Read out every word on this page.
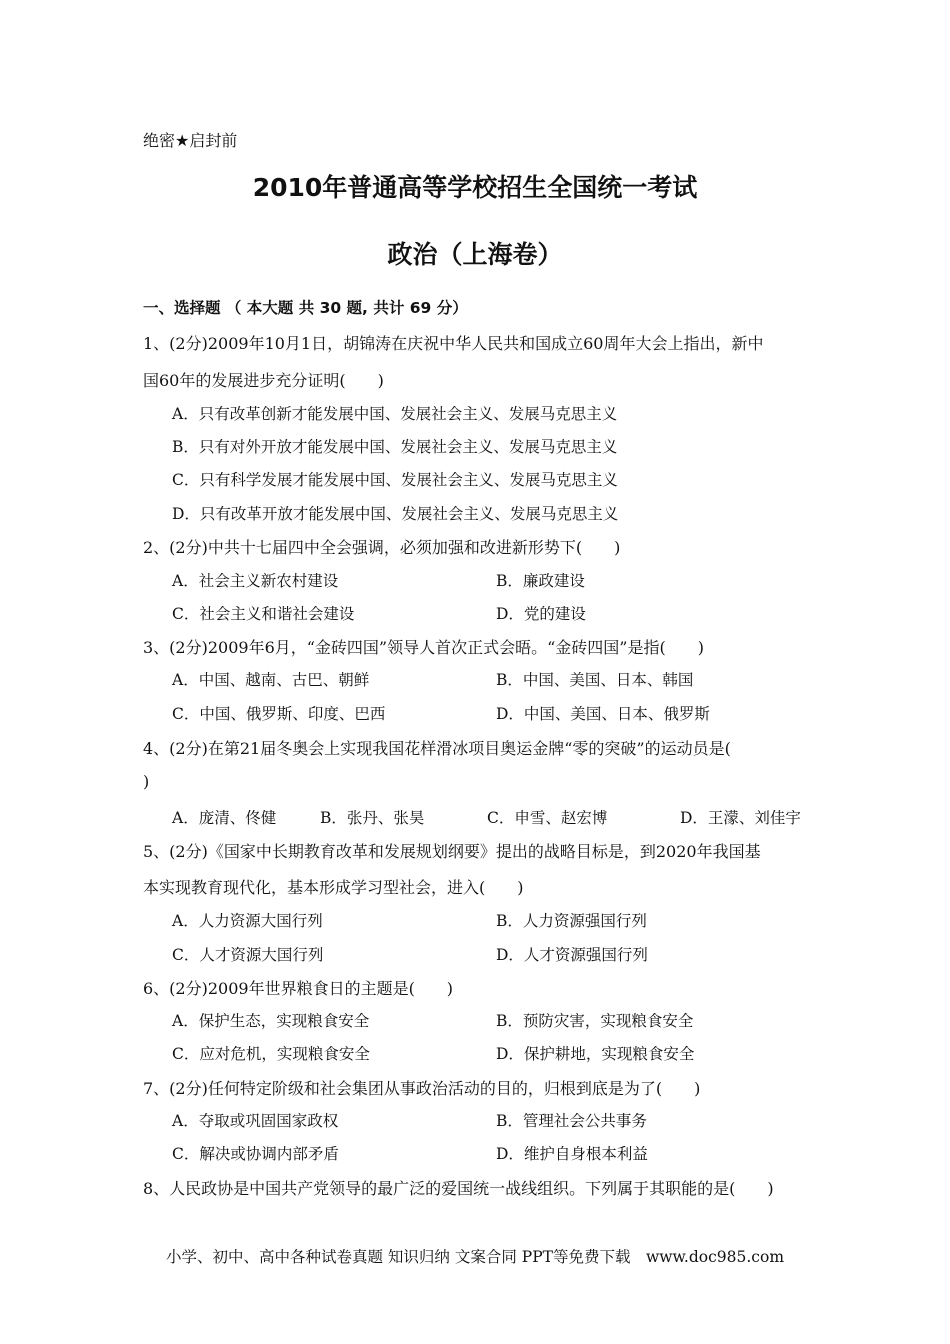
绝密★启封前
2010年普通高等学校招生全国统一考试
政治（上海卷）
一、选择题 （ 本大题 共 30 题, 共计 69 分）
1、(2分)2009年10月1日，胡锦涛在庆祝中华人民共和国成立60周年大会上指出，新中
国60年的发展进步充分证明(　　)
A．只有改革创新才能发展中国、发展社会主义、发展马克思主义
B．只有对外开放才能发展中国、发展社会主义、发展马克思主义
C．只有科学发展才能发展中国、发展社会主义、发展马克思主义
D．只有改革开放才能发展中国、发展社会主义、发展马克思主义
2、(2分)中共十七届四中全会强调，必须加强和改进新形势下(　　)
A．社会主义新农村建设	B．廉政建设
C．社会主义和谐社会建设	D．党的建设
3、(2分)2009年6月，“金砖四国”领导人首次正式会晤。“金砖四国”是指(　　)
A．中国、越南、古巴、朝鲜	B．中国、美国、日本、韩国
C．中国、俄罗斯、印度、巴西	D．中国、美国、日本、俄罗斯
4、(2分)在第21届冬奥会上实现我国花样滑冰项目奥运金牌“零的突破”的运动员是(
)
A．庞清、佟健	B．张丹、张昊	C．申雪、赵宏博	D．王濛、刘佳宇
5、(2分)《国家中长期教育改革和发展规划纲要》提出的战略目标是，到2020年我国基
本实现教育现代化，基本形成学习型社会，进入(　　)
A．人力资源大国行列	B．人力资源强国行列
C．人才资源大国行列	D．人才资源强国行列
6、(2分)2009年世界粮食日的主题是(　　)
A．保护生态，实现粮食安全	B．预防灾害，实现粮食安全
C．应对危机，实现粮食安全	D．保护耕地，实现粮食安全
7、(2分)任何特定阶级和社会集团从事政治活动的目的，归根到底是为了(　　)
A．夺取或巩固国家政权	B．管理社会公共事务
C．解决或协调内部矛盾	D．维护自身根本利益
8、人民政协是中国共产党领导的最广泛的爱国统一战线组织。下列属于其职能的是(　　)
小学、初中、高中各种试卷真题 知识归纳 文案合同 PPT等免费下载　www.doc985.com
